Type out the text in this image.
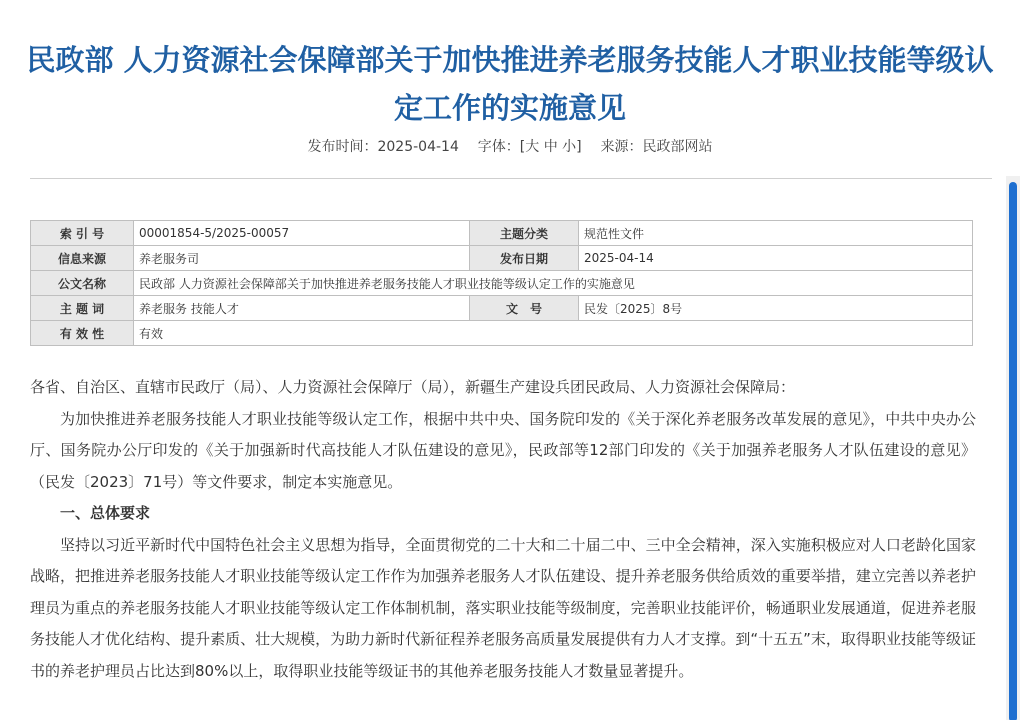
民政部 人力资源社会保障部关于加快推进养老服务技能人才职业技能等级认定工作的实施意见
发布时间：2025-04-14 字体：[大 中 小] 来源：民政部网站
索 引 号	00001854-5/2025-00057	主题分类	规范性文件
信息来源	养老服务司	发布日期	2025-04-14
公文名称	民政部 人力资源社会保障部关于加快推进养老服务技能人才职业技能等级认定工作的实施意见		
主 题 词	养老服务 技能人才	文　号	民发〔2025〕8号
有 效 性	有效		

各省、自治区、直辖市民政厅（局）、人力资源社会保障厅（局），新疆生产建设兵团民政局、人力资源社会保障局：

为加快推进养老服务技能人才职业技能等级认定工作，根据中共中央、国务院印发的《关于深化养老服务改革发展的意见》，中共中央办公厅、国务院办公厅印发的《关于加强新时代高技能人才队伍建设的意见》，民政部等12部门印发的《关于加强养老服务人才队伍建设的意见》（民发〔2023〕71号）等文件要求，制定本实施意见。

一、总体要求

坚持以习近平新时代中国特色社会主义思想为指导，全面贯彻党的二十大和二十届二中、三中全会精神，深入实施积极应对人口老龄化国家战略，把推进养老服务技能人才职业技能等级认定工作作为加强养老服务人才队伍建设、提升养老服务供给质效的重要举措，建立完善以养老护理员为重点的养老服务技能人才职业技能等级认定工作体制机制，落实职业技能等级制度，完善职业技能评价，畅通职业发展通道，促进养老服务技能人才优化结构、提升素质、壮大规模，为助力新时代新征程养老服务高质量发展提供有力人才支撑。到“十五五”末，取得职业技能等级证书的养老护理员占比达到80%以上，取得职业技能等级证书的其他养老服务技能人才数量显著提升。
